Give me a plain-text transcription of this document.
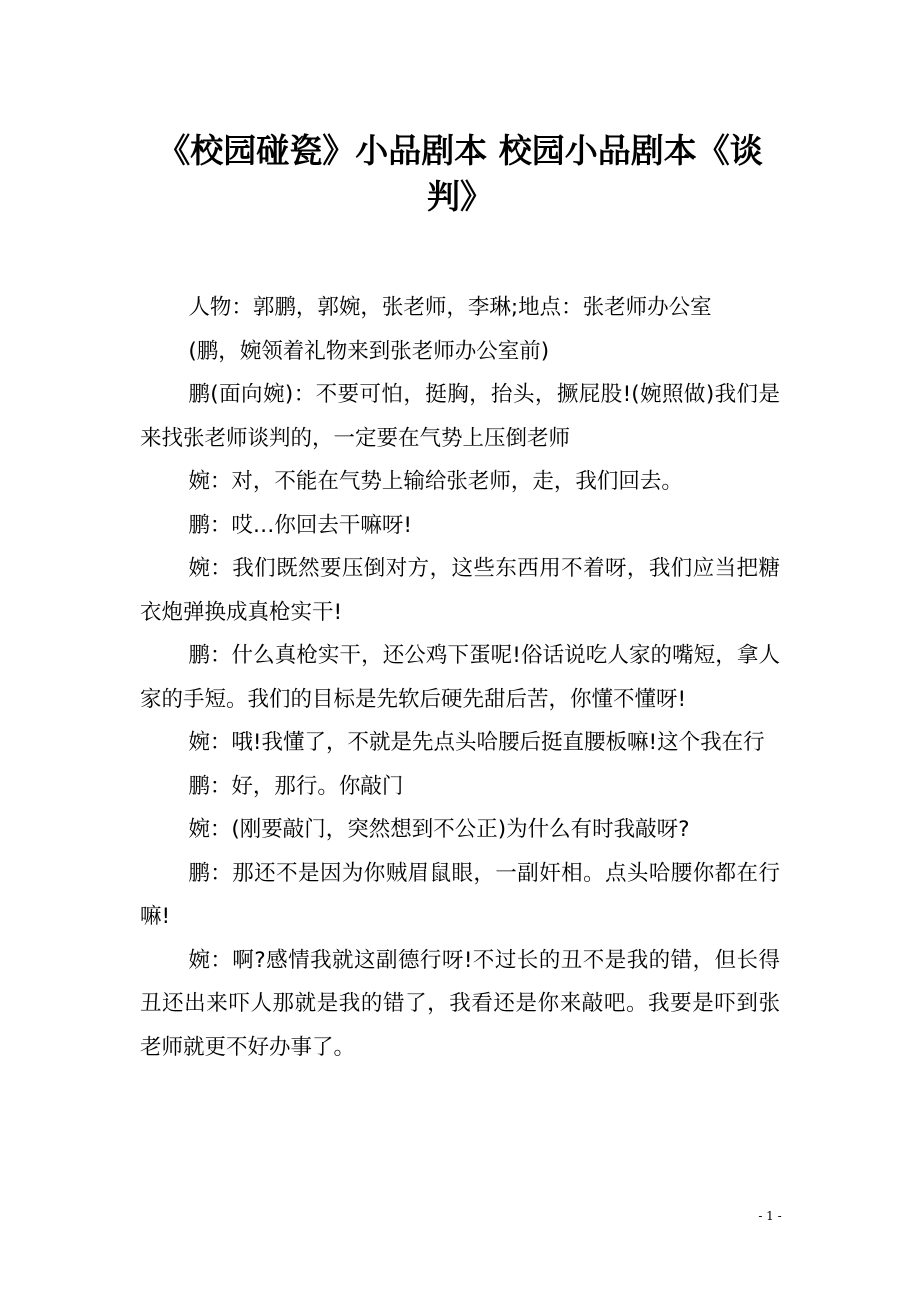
《校园碰瓷》小品剧本 校园小品剧本《谈判》

人物：郭鹏，郭婉，张老师，李琳;地点：张老师办公室

(鹏，婉领着礼物来到张老师办公室前)

鹏(面向婉)：不要可怕，挺胸，抬头，撅屁股!(婉照做)我们是来找张老师谈判的，一定要在气势上压倒老师

婉：对，不能在气势上输给张老师，走，我们回去。

鹏：哎…你回去干嘛呀!

婉：我们既然要压倒对方，这些东西用不着呀，我们应当把糖衣炮弹换成真枪实干!

鹏：什么真枪实干，还公鸡下蛋呢!俗话说吃人家的嘴短，拿人家的手短。我们的目标是先软后硬先甜后苦，你懂不懂呀!

婉：哦!我懂了，不就是先点头哈腰后挺直腰板嘛!这个我在行

鹏：好，那行。你敲门

婉：(刚要敲门，突然想到不公正)为什么有时我敲呀?

鹏：那还不是因为你贼眉鼠眼，一副奸相。点头哈腰你都在行嘛!

婉：啊?感情我就这副德行呀!不过长的丑不是我的错，但长得丑还出来吓人那就是我的错了，我看还是你来敲吧。我要是吓到张老师就更不好办事了。

- 1 -
